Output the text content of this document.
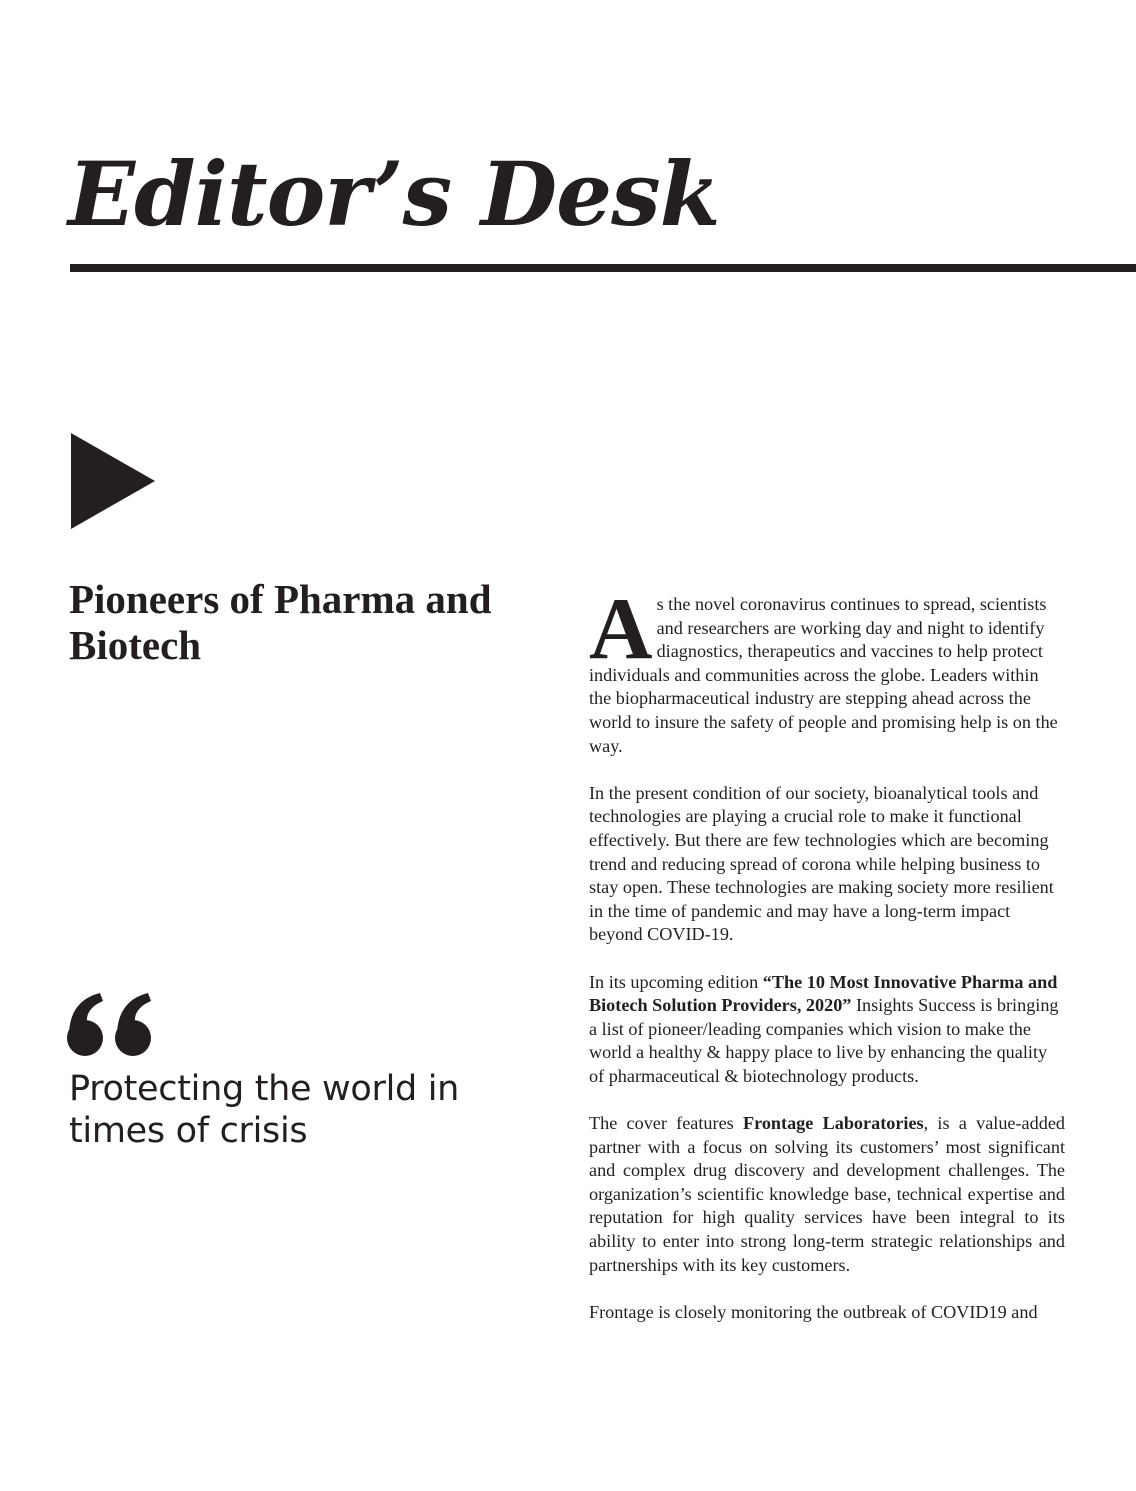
Editor’s Desk
Pioneers of Pharma and Biotech

Protecting the world in times of crisis

As the novel coronavirus continues to spread, scientists and researchers are working day and night to identify diagnostics, therapeutics and vaccines to help protect individuals and communities across the globe. Leaders within the biopharmaceutical industry are stepping ahead across the world to insure the safety of people and promising help is on the way.

In the present condition of our society, bioanalytical tools and technologies are playing a crucial role to make it functional effectively. But there are few technologies which are becoming trend and reducing spread of corona while helping business to stay open. These technologies are making society more resilient in the time of pandemic and may have a long-term impact beyond COVID-19.

In its upcoming edition “The 10 Most Innovative Pharma and Biotech Solution Providers, 2020” Insights Success is bringing a list of pioneer/leading companies which vision to make the world a healthy & happy place to live by enhancing the quality of pharmaceutical & biotechnology products.

The cover features Frontage Laboratories, is a value-added partner with a focus on solving its customers’ most significant and complex drug discovery and development challenges. The organization’s scientific knowledge base, technical expertise and reputation for high quality services have been integral to its ability to enter into strong long-term strategic relationships and partnerships with its key customers.

Frontage is closely monitoring the outbreak of COVID19 and
